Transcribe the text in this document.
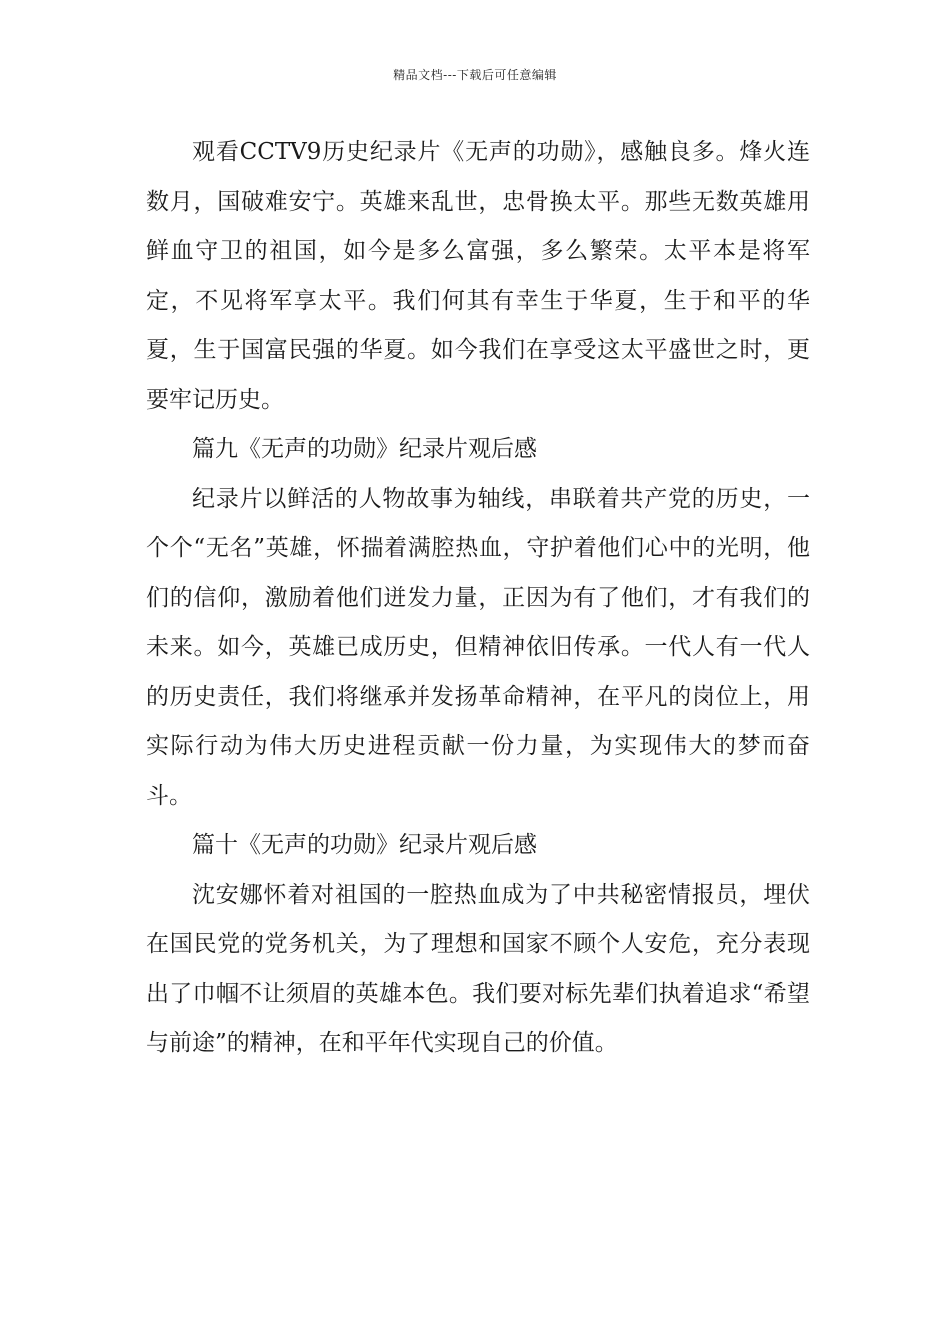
精品文档---下载后可任意编辑

观看CCTV9历史纪录片《无声的功勋》，感触良多。烽火连数月，国破难安宁。英雄来乱世，忠骨换太平。那些无数英雄用鲜血守卫的祖国，如今是多么富强，多么繁荣。太平本是将军定，不见将军享太平。我们何其有幸生于华夏，生于和平的华夏，生于国富民强的华夏。如今我们在享受这太平盛世之时，更要牢记历史。

篇九《无声的功勋》纪录片观后感

纪录片以鲜活的人物故事为轴线，串联着共产党的历史，一个个“无名”英雄，怀揣着满腔热血，守护着他们心中的光明，他们的信仰，激励着他们迸发力量，正因为有了他们，才有我们的未来。如今，英雄已成历史，但精神依旧传承。一代人有一代人的历史责任，我们将继承并发扬革命精神，在平凡的岗位上，用实际行动为伟大历史进程贡献一份力量，为实现伟大的梦而奋斗。

篇十《无声的功勋》纪录片观后感

沈安娜怀着对祖国的一腔热血成为了中共秘密情报员，埋伏在国民党的党务机关，为了理想和国家不顾个人安危，充分表现出了巾帼不让须眉的英雄本色。我们要对标先辈们执着追求“希望与前途”的精神，在和平年代实现自己的价值。
